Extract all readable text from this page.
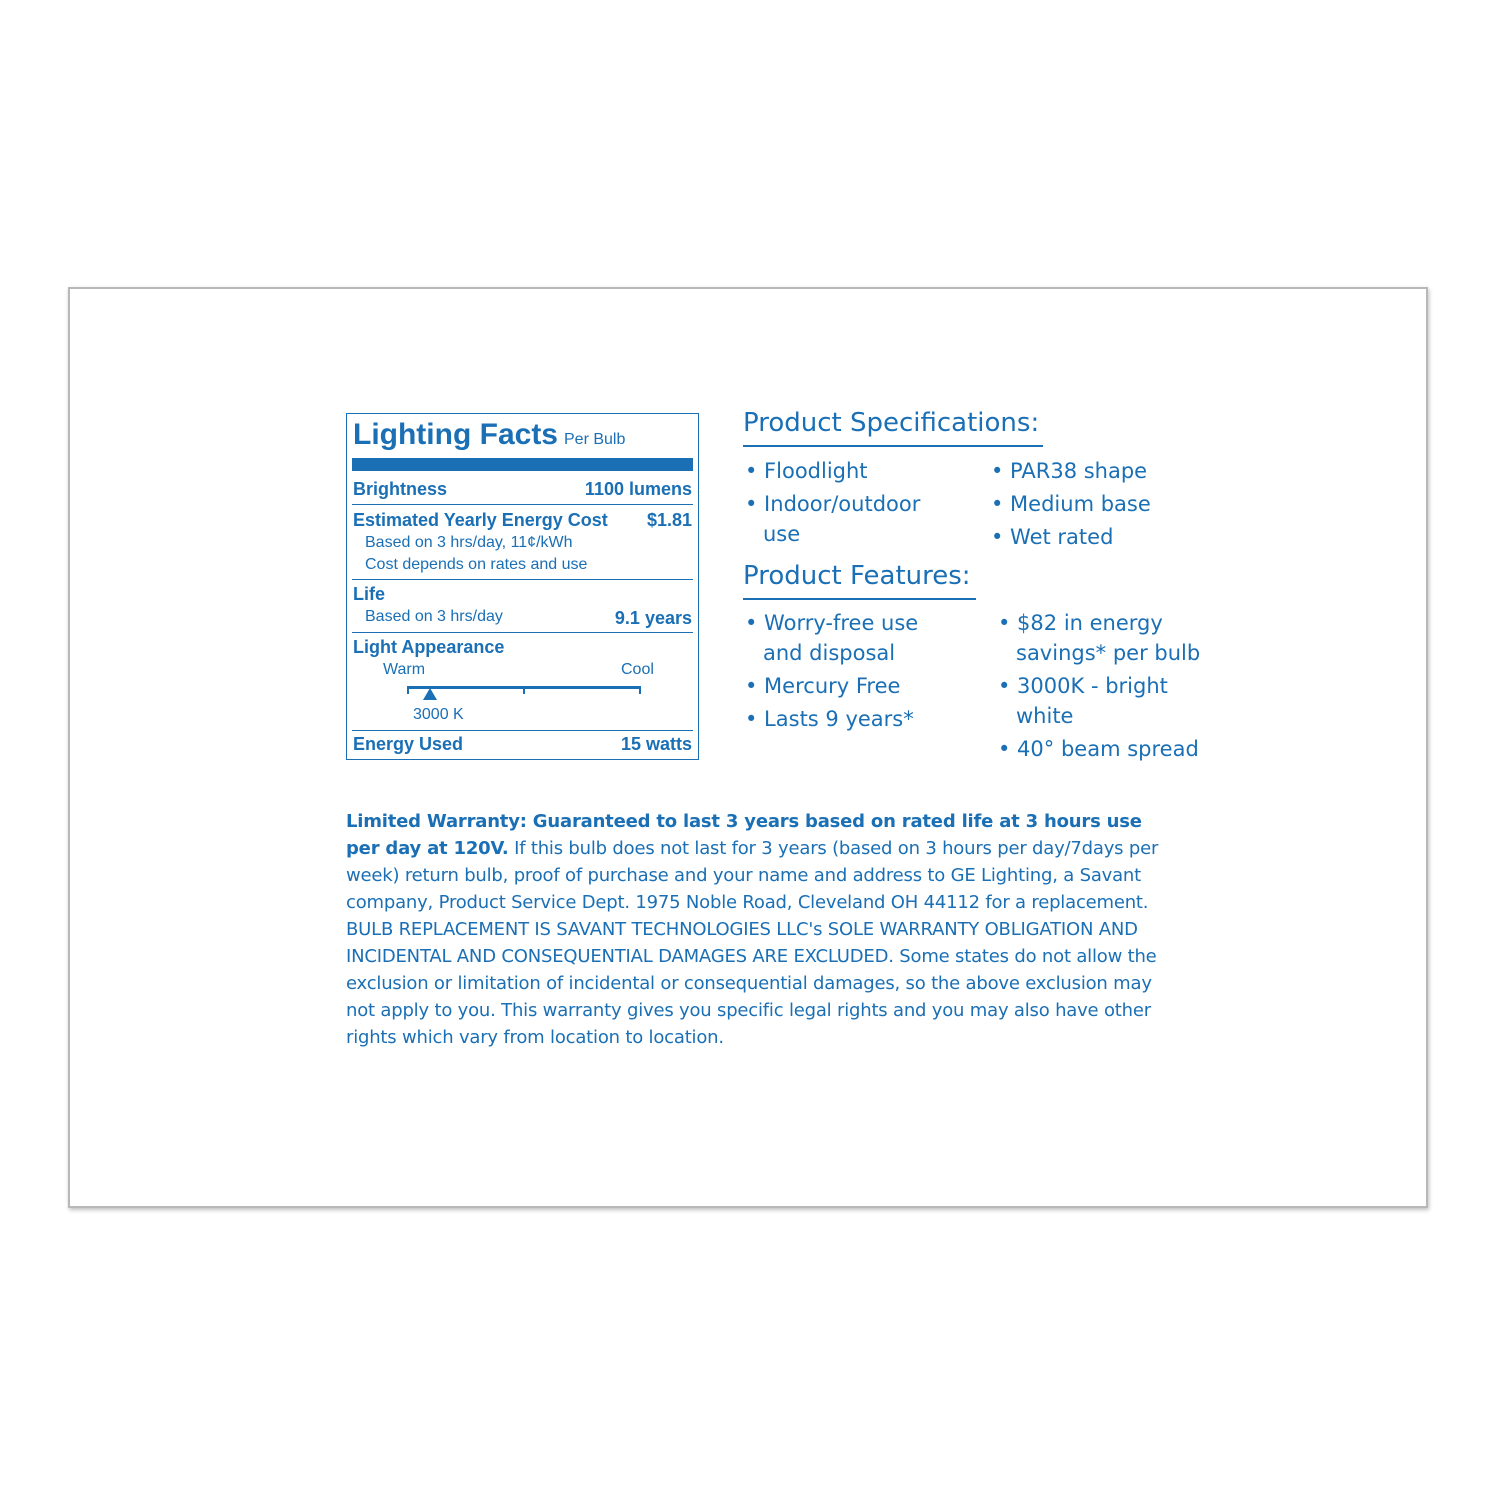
Lighting Facts Per Bulb
Brightness	1100 lumens
Estimated Yearly Energy Cost $1.81
Based on 3 hrs/day, 11¢/kWh
Cost depends on rates and use
Life
Based on 3 hrs/day	9.1 years
Light Appearance
Warm	Cool
3000 K
Energy Used	15 watts
Product Specifications:
• Floodlight
• Indoor/outdoor
use
• PAR38 shape
• Medium base
• Wet rated
Product Features:
• Worry-free use
and disposal
• Mercury Free
• Lasts 9 years*
• $82 in energy
savings* per bulb
• 3000K - bright
white
• 40° beam spread
Limited Warranty: Guaranteed to last 3 years based on rated life at 3 hours use per day at 120V. If this bulb does not last for 3 years (based on 3 hours per day/7days per week) return bulb, proof of purchase and your name and address to GE Lighting, a Savant company, Product Service Dept. 1975 Noble Road, Cleveland OH 44112 for a replacement. BULB REPLACEMENT IS SAVANT TECHNOLOGIES LLC's SOLE WARRANTY OBLIGATION AND INCIDENTAL AND CONSEQUENTIAL DAMAGES ARE EXCLUDED. Some states do not allow the exclusion or limitation of incidental or consequential damages, so the above exclusion may not apply to you. This warranty gives you specific legal rights and you may also have other rights which vary from location to location.
